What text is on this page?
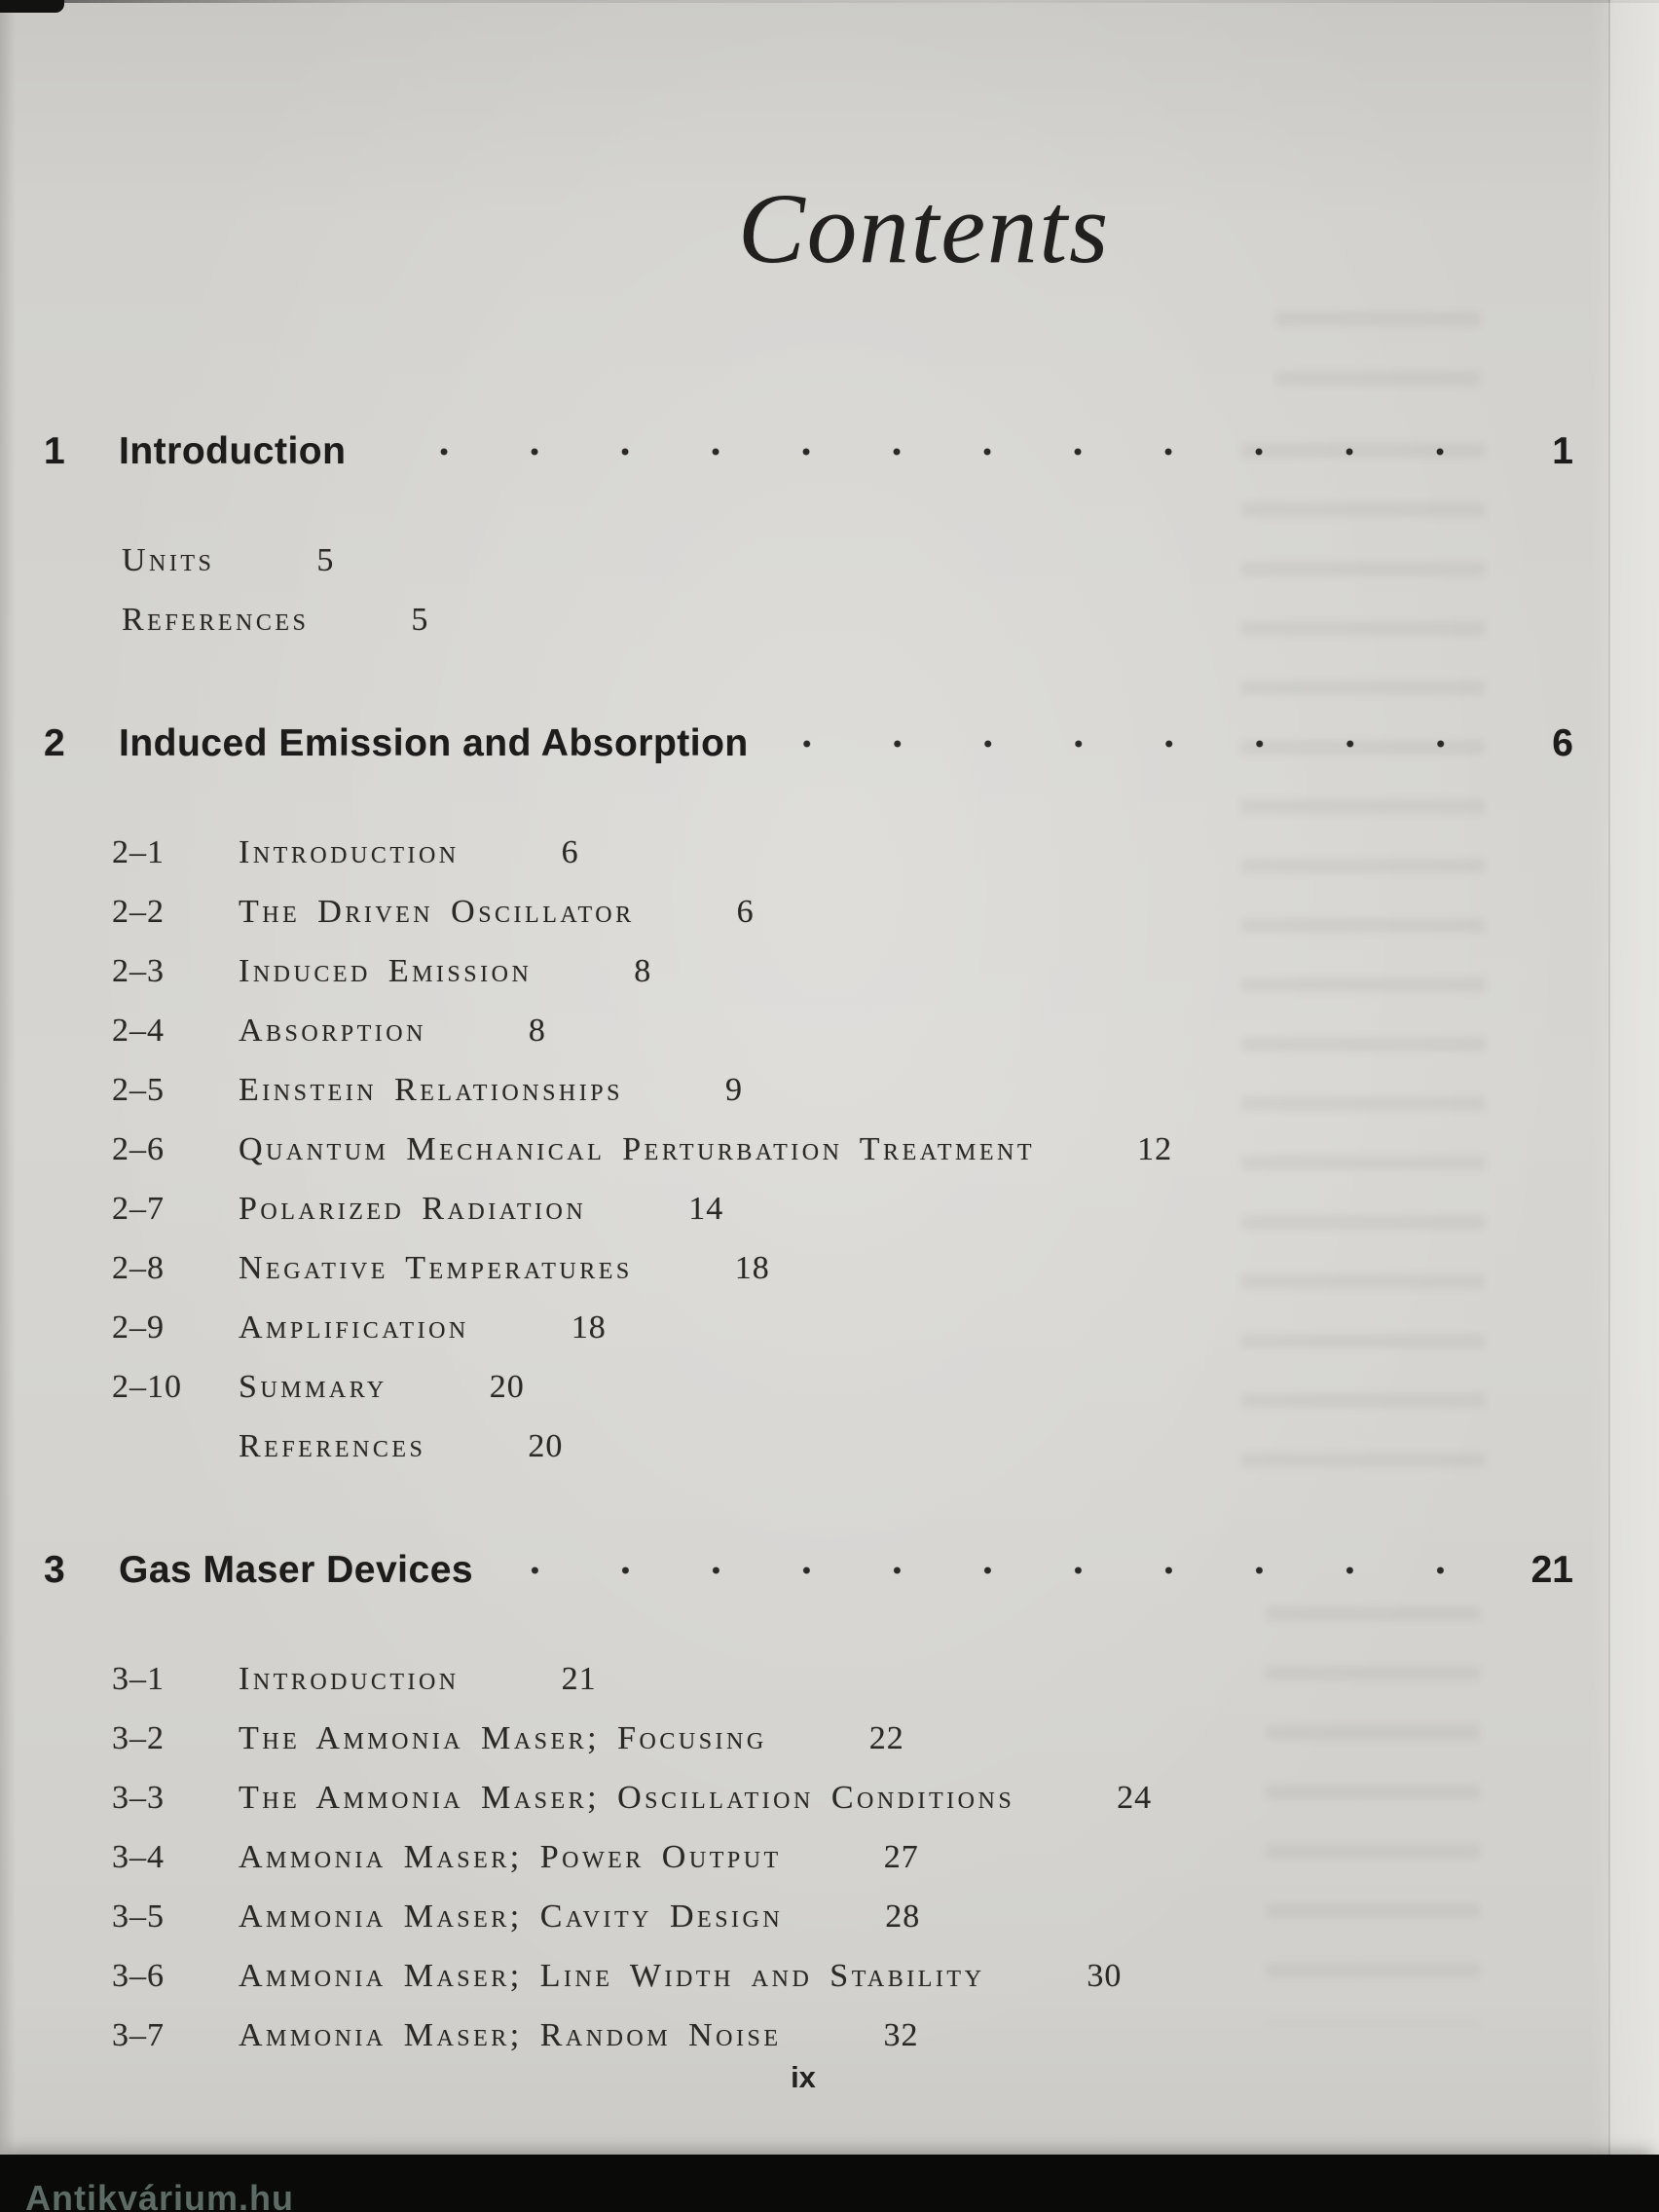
Contents
1	Introduction	1
Units	5
References	5
2	Induced Emission and Absorption	6
2–1	Introduction	6
2–2	The Driven Oscillator	6
2–3	Induced Emission	8
2–4	Absorption	8
2–5	Einstein Relationships	9
2–6	Quantum Mechanical Perturbation Treatment	12
2–7	Polarized Radiation	14
2–8	Negative Temperatures	18
2–9	Amplification	18
2–10	Summary	20
References	20
3	Gas Maser Devices	21
3–1	Introduction	21
3–2	The Ammonia Maser; Focusing	22
3–3	The Ammonia Maser; Oscillation Conditions	24
3–4	Ammonia Maser; Power Output	27
3–5	Ammonia Maser; Cavity Design	28
3–6	Ammonia Maser; Line Width and Stability	30
3–7	Ammonia Maser; Random Noise	32
ix
Antikvárium.hu
